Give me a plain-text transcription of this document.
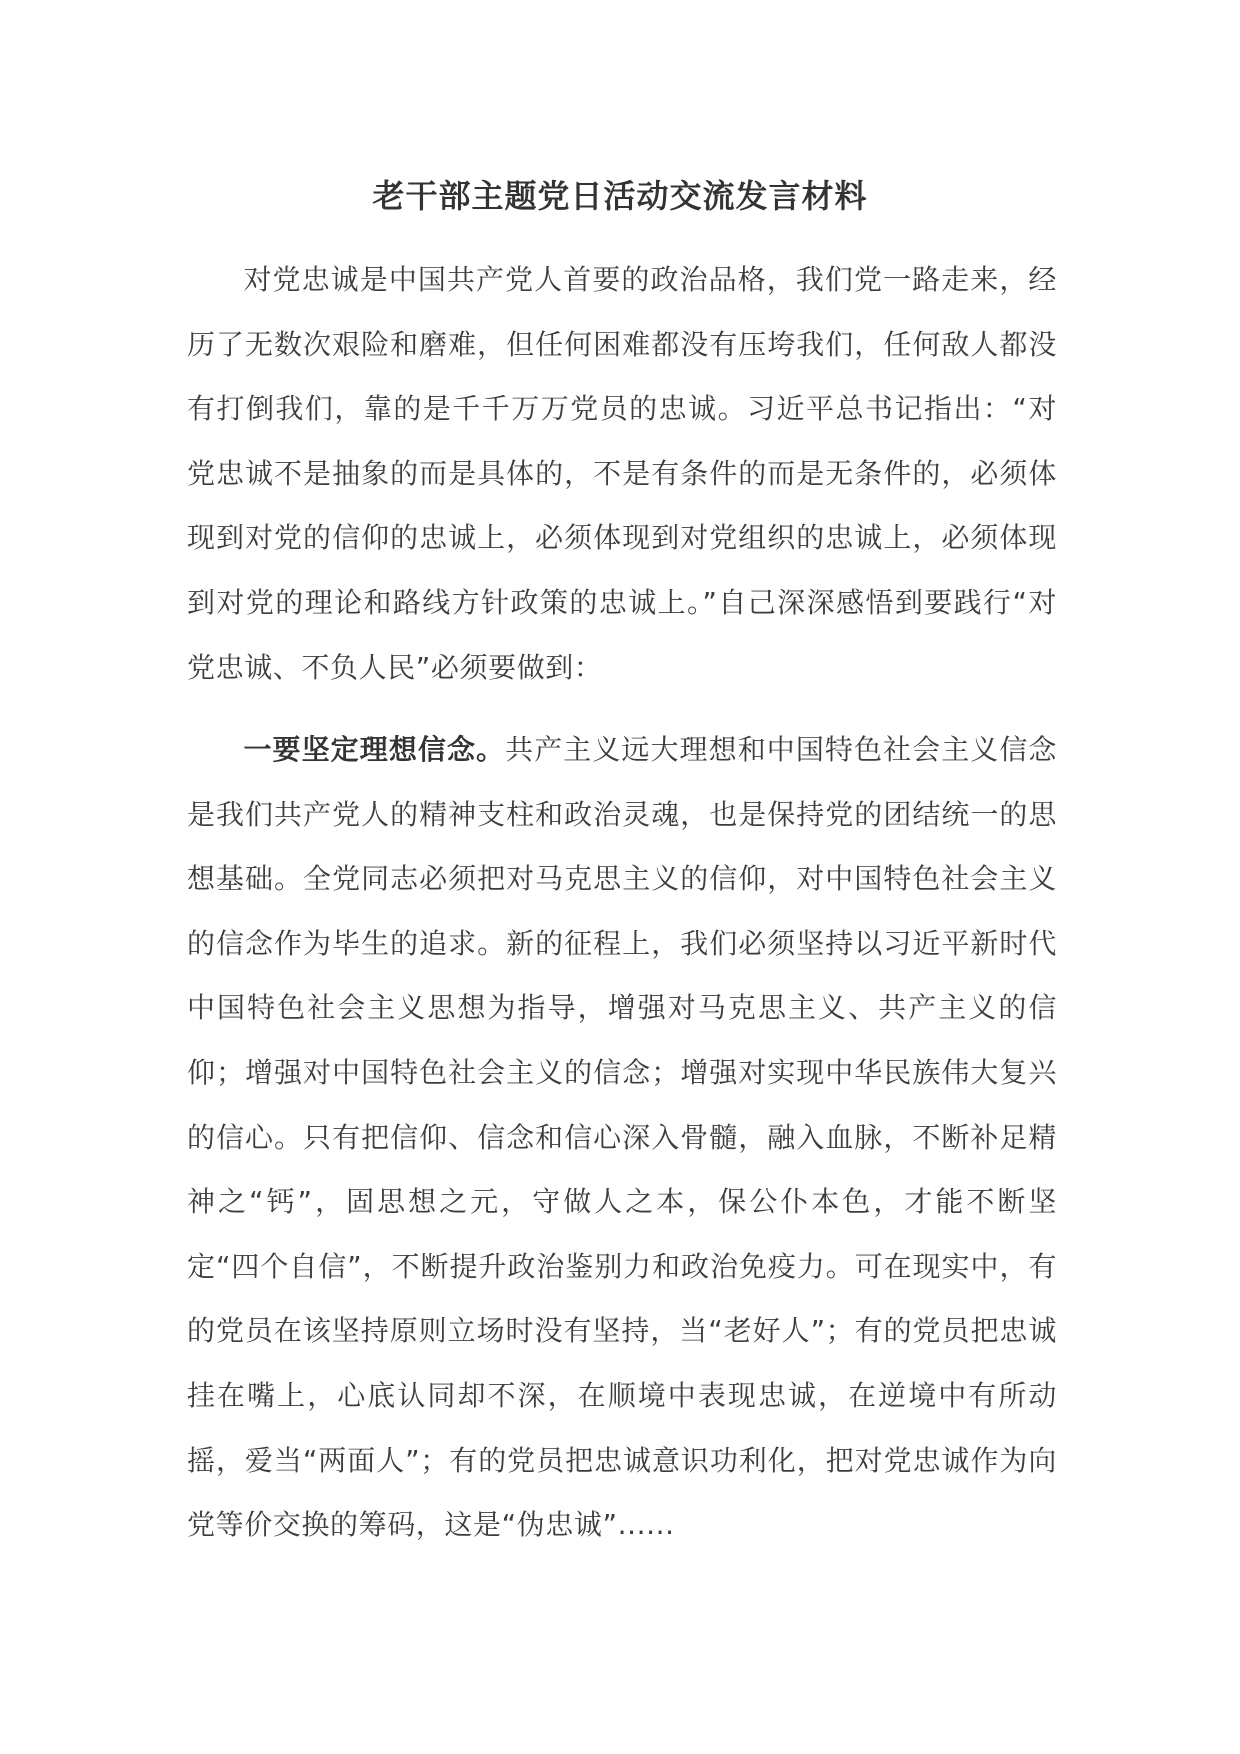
老干部主题党日活动交流发言材料

对党忠诚是中国共产党人首要的政治品格，我们党一路走来，经历了无数次艰险和磨难，但任何困难都没有压垮我们，任何敌人都没有打倒我们，靠的是千千万万党员的忠诚。习近平总书记指出：“对党忠诚不是抽象的而是具体的，不是有条件的而是无条件的，必须体现到对党的信仰的忠诚上，必须体现到对党组织的忠诚上，必须体现到对党的理论和路线方针政策的忠诚上。”自己深深感悟到要践行“对党忠诚、不负人民”必须要做到：

一要坚定理想信念。共产主义远大理想和中国特色社会主义信念是我们共产党人的精神支柱和政治灵魂，也是保持党的团结统一的思想基础。全党同志必须把对马克思主义的信仰，对中国特色社会主义的信念作为毕生的追求。新的征程上，我们必须坚持以习近平新时代中国特色社会主义思想为指导，增强对马克思主义、共产主义的信仰；增强对中国特色社会主义的信念；增强对实现中华民族伟大复兴的信心。只有把信仰、信念和信心深入骨髓，融入血脉，不断补足精神之“钙”，固思想之元，守做人之本，保公仆本色，才能不断坚定“四个自信”，不断提升政治鉴别力和政治免疫力。可在现实中，有的党员在该坚持原则立场时没有坚持，当“老好人”；有的党员把忠诚挂在嘴上，心底认同却不深，在顺境中表现忠诚，在逆境中有所动摇，爱当“两面人”；有的党员把忠诚意识功利化，把对党忠诚作为向党等价交换的筹码，这是“伪忠诚”......
